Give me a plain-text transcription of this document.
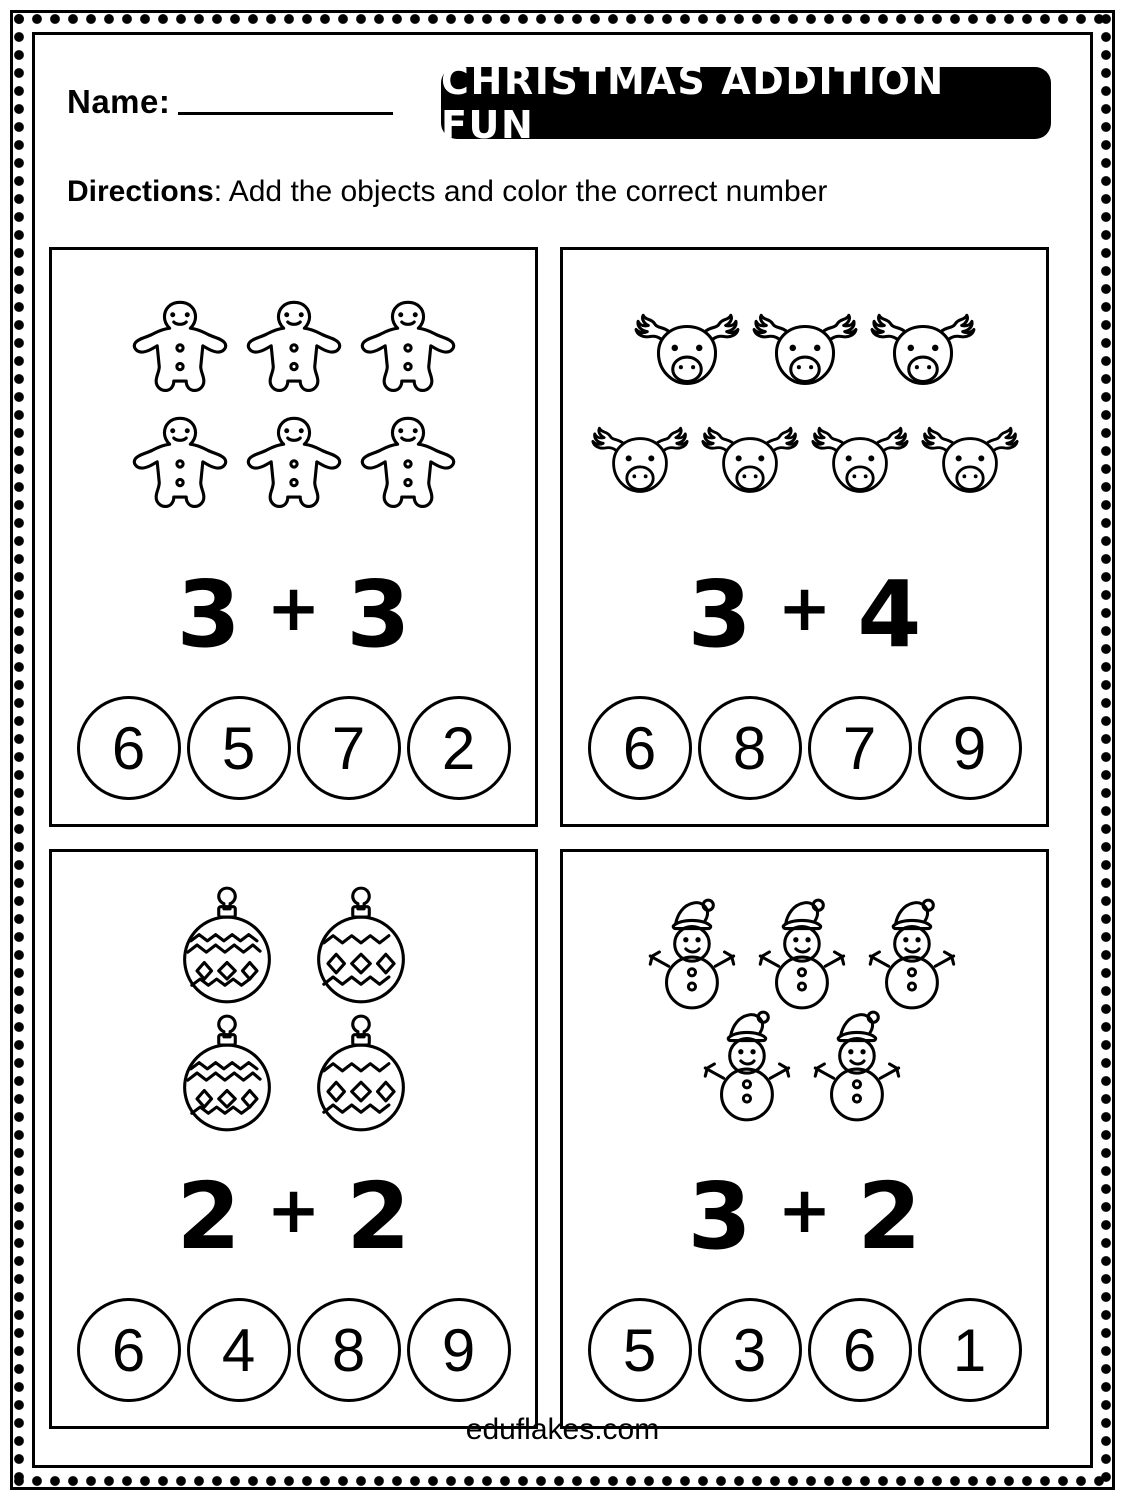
Name:	CHRISTMAS ADDITION FUN
Directions: Add the objects and color the correct number
3 + 3
6	5	7	2
3 + 4
6	8	7	9
2 + 2
6	4	8	9
3 + 2
5	3	6	1
eduflakes.com
